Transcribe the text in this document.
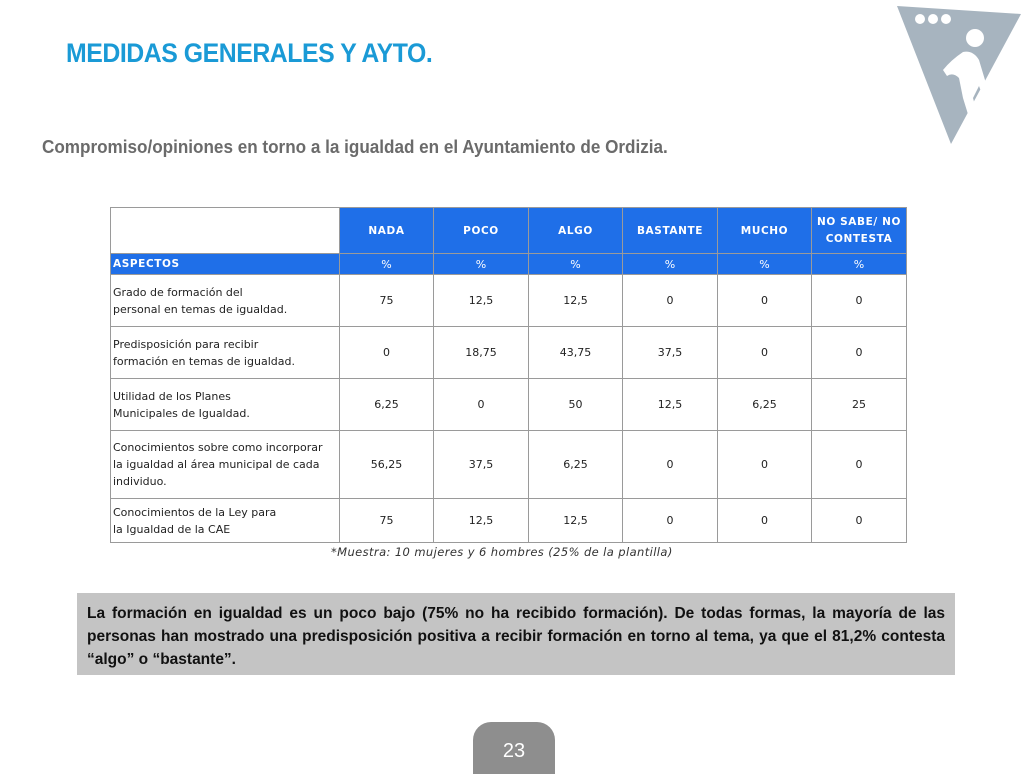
MEDIDAS GENERALES Y AYTO.
Compromiso/opiniones en torno a la igualdad en el Ayuntamiento de Ordizia.
	NADA	POCO	ALGO	BASTANTE	MUCHO	NO SABE/ NO CONTESTA
ASPECTOS	%	%	%	%	%	%
Grado de formación del
personal en temas de igualdad.	75	12,5	12,5	0	0	0
Predisposición para recibir
formación en temas de igualdad.	0	18,75	43,75	37,5	0	0
Utilidad de los Planes
Municipales de Igualdad.	6,25	0	50	12,5	6,25	25
Conocimientos sobre como incorporar
la igualdad al área municipal de cada
individuo.	56,25	37,5	6,25	0	0	0
Conocimientos de la Ley para
la Igualdad de la CAE	75	12,5	12,5	0	0	0
*Muestra: 10 mujeres y 6 hombres (25% de la plantilla)
La formación en igualdad es un poco bajo (75% no ha recibido formación). De todas formas, la mayoría de las personas han mostrado una predisposición positiva a recibir formación en torno al tema, ya que el 81,2% contesta “algo” o “bastante”.
23
